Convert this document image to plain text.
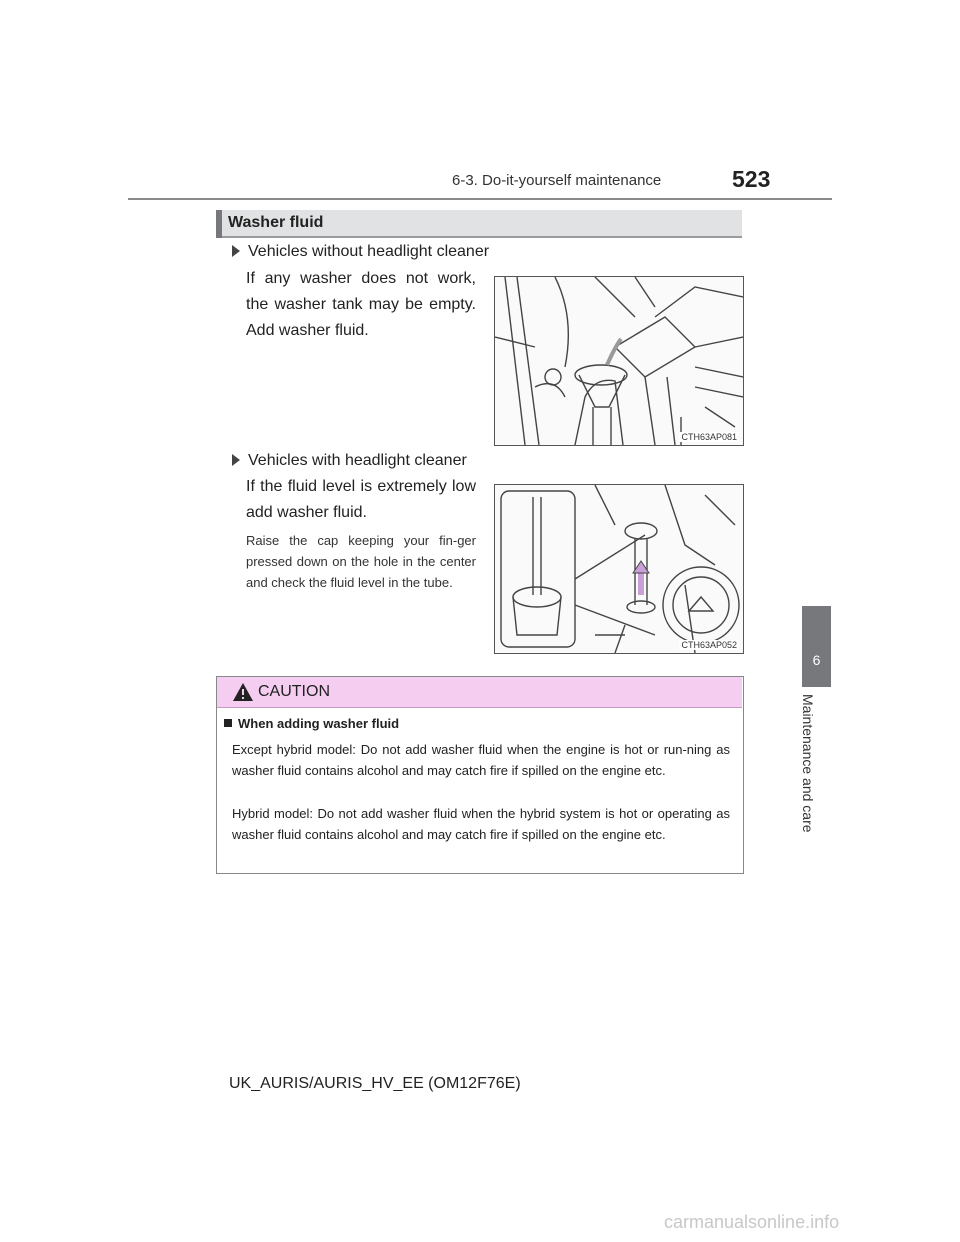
6-3. Do-it-yourself maintenance	523
6
Maintenance and care
Washer fluid
Vehicles without headlight cleaner
If any washer does not work, the washer tank may be empty. Add washer fluid.
CTH63AP081
Vehicles with headlight cleaner
If the fluid level is extremely low add washer fluid.
Raise the cap keeping your fin-ger pressed down on the hole in the center and check the fluid level in the tube.
CTH63AP052
CAUTION
When adding washer fluid
Except hybrid model: Do not add washer fluid when the engine is hot or run-ning as washer fluid contains alcohol and may catch fire if spilled on the engine etc.
Hybrid model: Do not add washer fluid when the hybrid system is hot or operating as washer fluid contains alcohol and may catch fire if spilled on the engine etc.
UK_AURIS/AURIS_HV_EE (OM12F76E)
carmanualsonline.info
